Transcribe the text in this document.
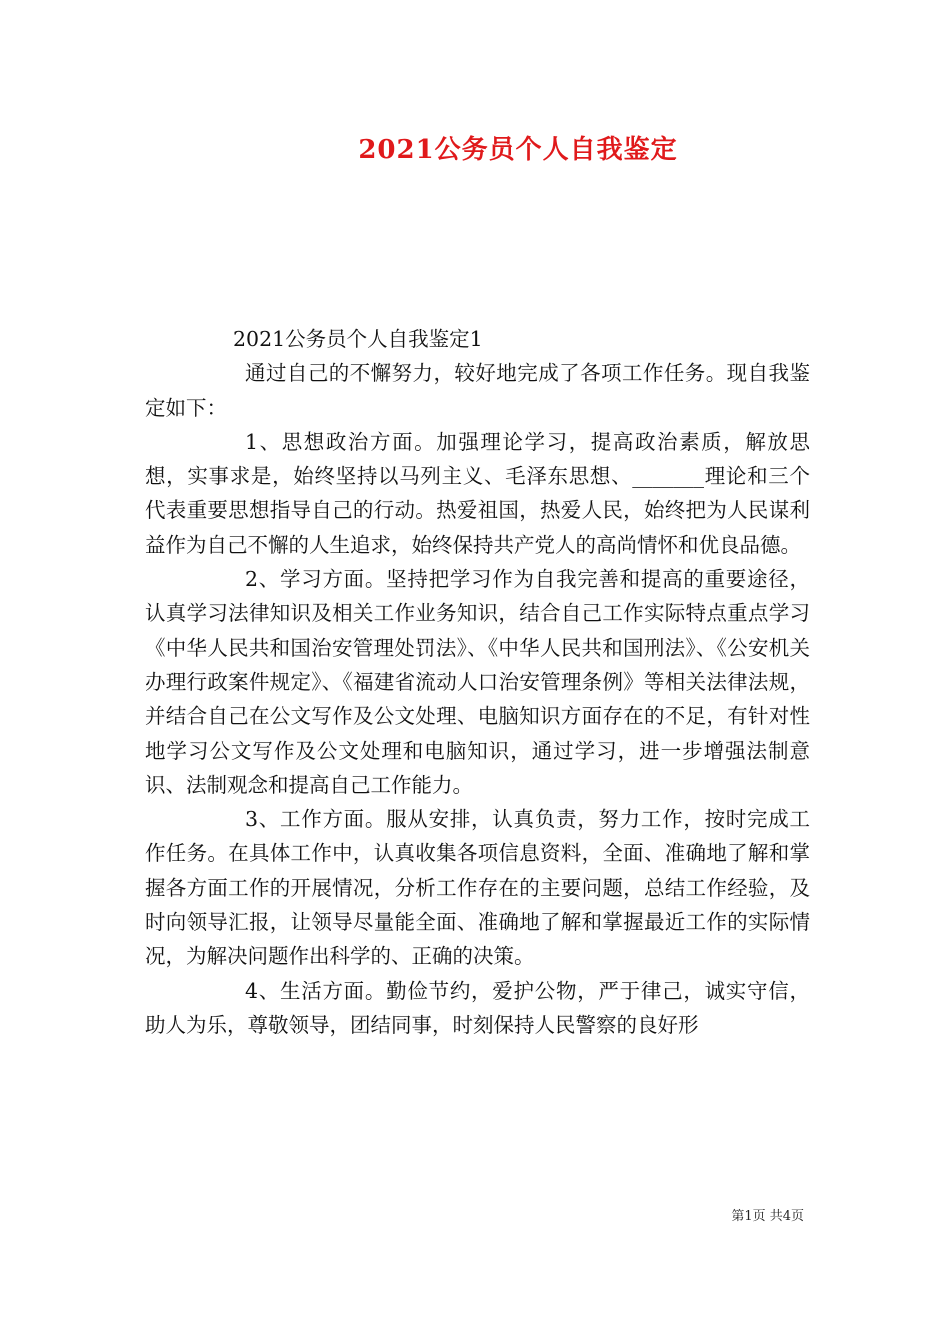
2021公务员个人自我鉴定

2021公务员个人自我鉴定1

通过自己的不懈努力，较好地完成了各项工作任务。现自我鉴定如下：

1、思想政治方面。加强理论学习，提高政治素质，解放思想，实事求是，始终坚持以马列主义、毛泽东思想、_______理论和三个代表重要思想指导自己的行动。热爱祖国，热爱人民，始终把为人民谋利益作为自己不懈的人生追求，始终保持共产党人的高尚情怀和优良品德。

2、学习方面。坚持把学习作为自我完善和提高的重要途径，认真学习法律知识及相关工作业务知识，结合自己工作实际特点重点学习《中华人民共和国治安管理处罚法》、《中华人民共和国刑法》、《公安机关办理行政案件规定》、《福建省流动人口治安管理条例》等相关法律法规，并结合自己在公文写作及公文处理、电脑知识方面存在的不足，有针对性地学习公文写作及公文处理和电脑知识，通过学习，进一步增强法制意识、法制观念和提高自己工作能力。

3、工作方面。服从安排，认真负责，努力工作，按时完成工作任务。在具体工作中，认真收集各项信息资料，全面、准确地了解和掌握各方面工作的开展情况，分析工作存在的主要问题，总结工作经验，及时向领导汇报，让领导尽量能全面、准确地了解和掌握最近工作的实际情况，为解决问题作出科学的、正确的决策。

4、生活方面。勤俭节约，爱护公物，严于律己，诚实守信，助人为乐，尊敬领导，团结同事，时刻保持人民警察的良好形

第1页 共4页
